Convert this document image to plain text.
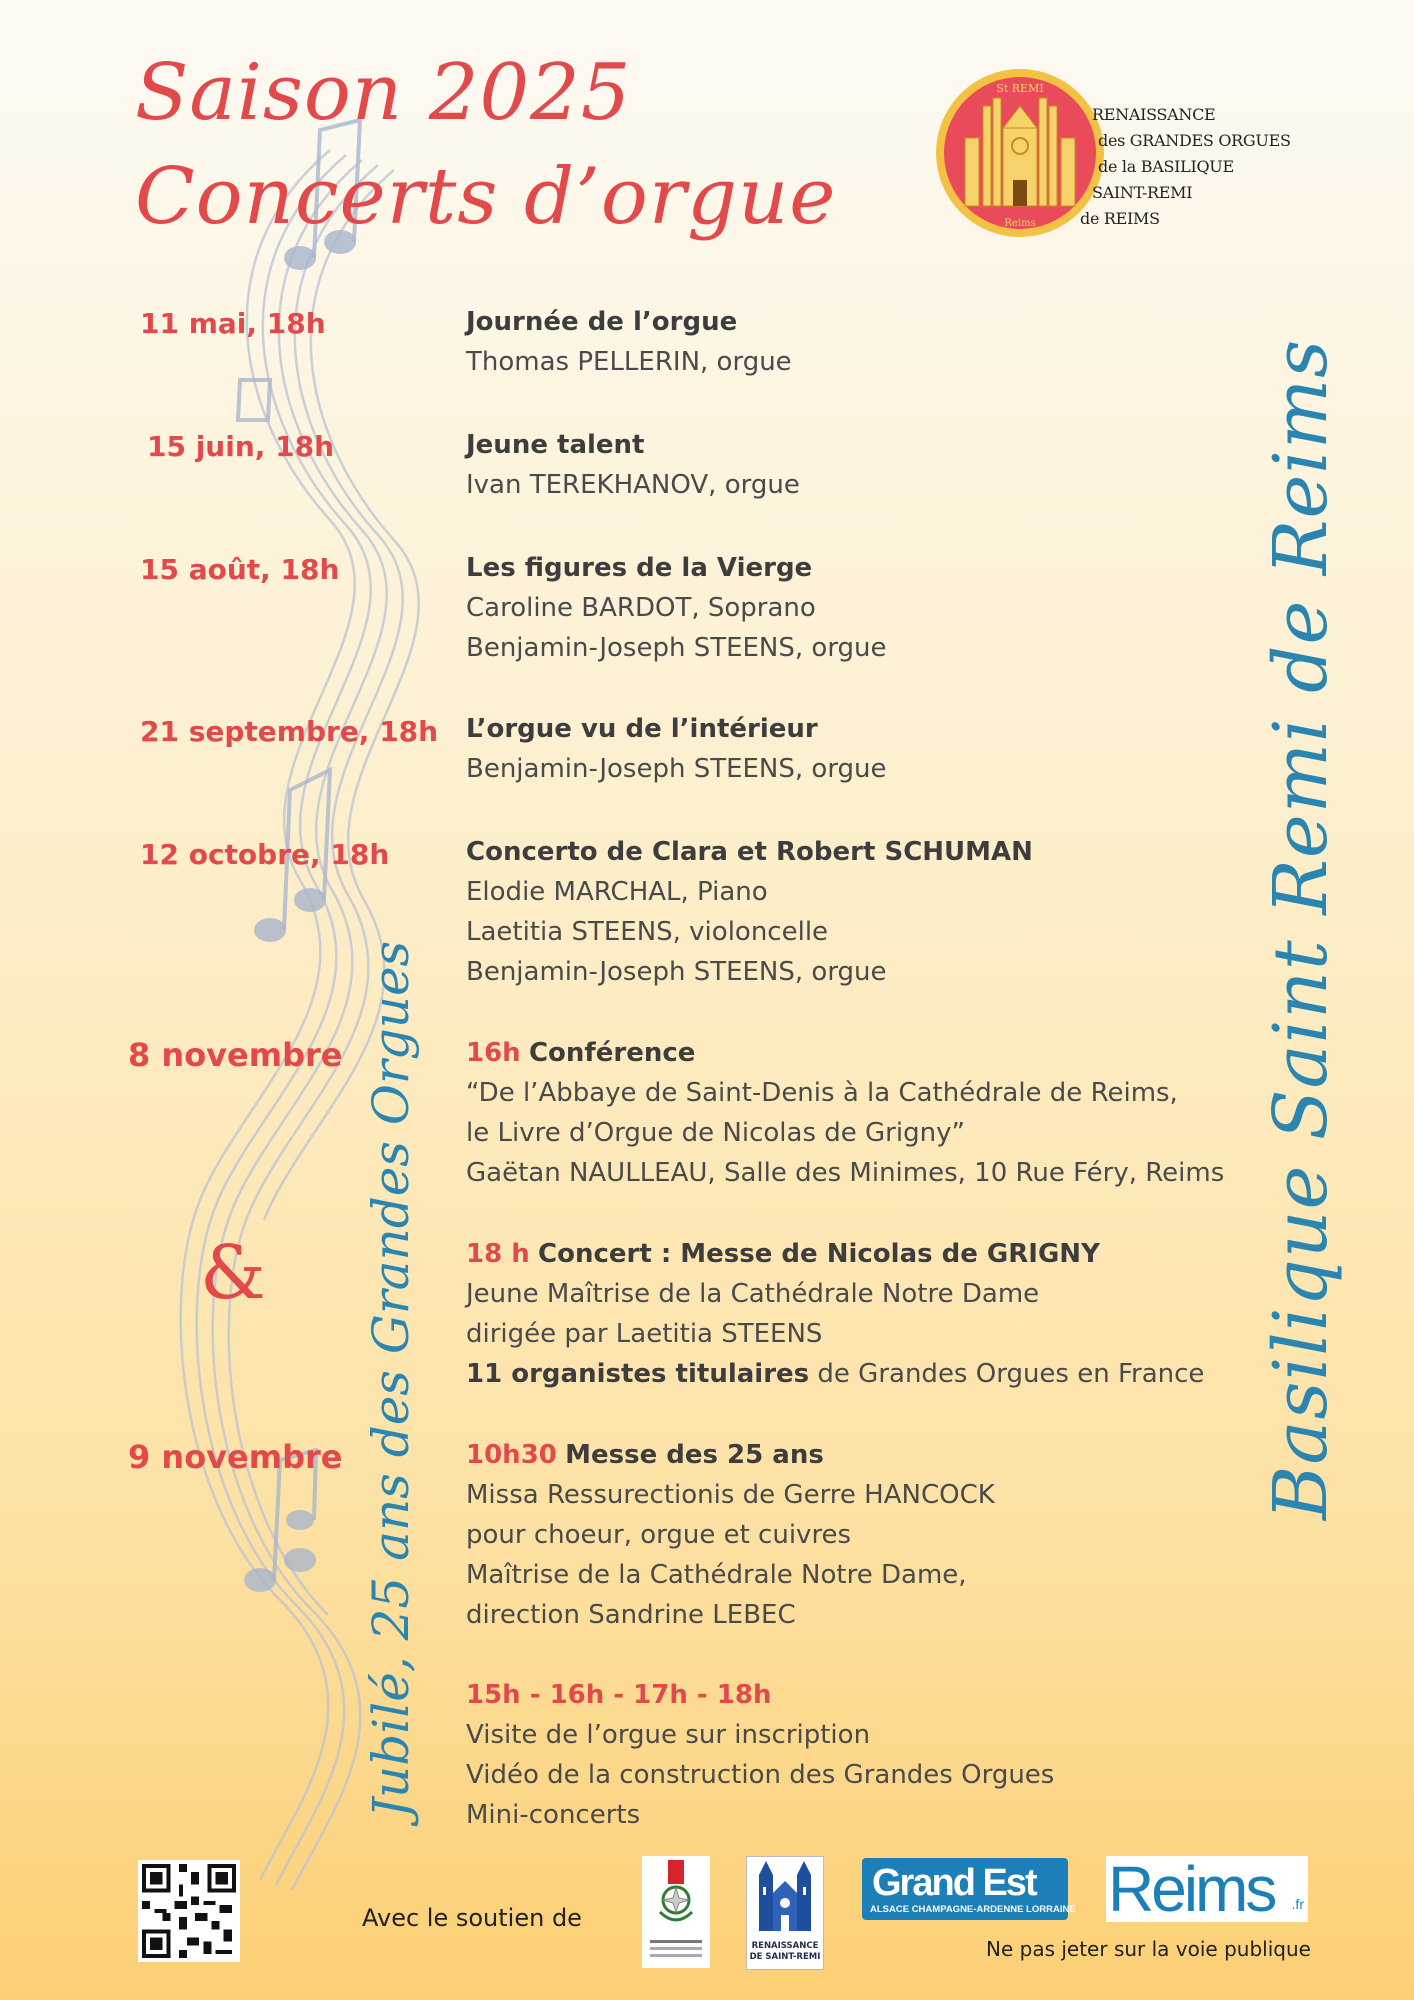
Saison 2025
Concerts d’orgue
St REMI
Reims
RENAISSANCE
des GRANDES ORGUES
de la BASILIQUE
SAINT-REMI
de REIMS
11 mai, 18h	Journée de l’orgue
Thomas PELLERIN, orgue
15 juin, 18h	Jeune talent
Ivan TEREKHANOV, orgue
15 août, 18h	Les figures de la Vierge
Caroline BARDOT, Soprano
Benjamin-Joseph STEENS, orgue
21 septembre, 18h L’orgue vu de l’intérieur
Benjamin-Joseph STEENS, orgue
12 octobre, 18h	Concerto de Clara et Robert SCHUMAN
Elodie MARCHAL, Piano
Laetitia STEENS, violoncelle
Benjamin-Joseph STEENS, orgue
8 novembre	16h Conférence
“De l’Abbaye de Saint-Denis à la Cathédrale de Reims,
le Livre d’Orgue de Nicolas de Grigny”
Gaëtan NAULLEAU, Salle des Minimes, 10 Rue Féry, Reims
&	18 h Concert : Messe de Nicolas de GRIGNY
Jeune Maîtrise de la Cathédrale Notre Dame
dirigée par Laetitia STEENS
11 organistes titulaires de Grandes Orgues en France
9 novembre	10h30 Messe des 25 ans
Missa Ressurectionis de Gerre HANCOCK
pour choeur, orgue et cuivres
Maîtrise de la Cathédrale Notre Dame,
direction Sandrine LEBEC
15h - 16h - 17h - 18h
Visite de l’orgue sur inscription
Vidéo de la construction des Grandes Orgues
Mini-concerts
Basilique Saint Remi de Reims
Jubilé, 25 ans des Grandes Orgues
Avec le soutien de
RENAISSANCE
DE SAINT-REMI
Grand Est
ALSACE CHAMPAGNE-ARDENNE LORRAINE Reims .fr
Ne pas jeter sur la voie publique
